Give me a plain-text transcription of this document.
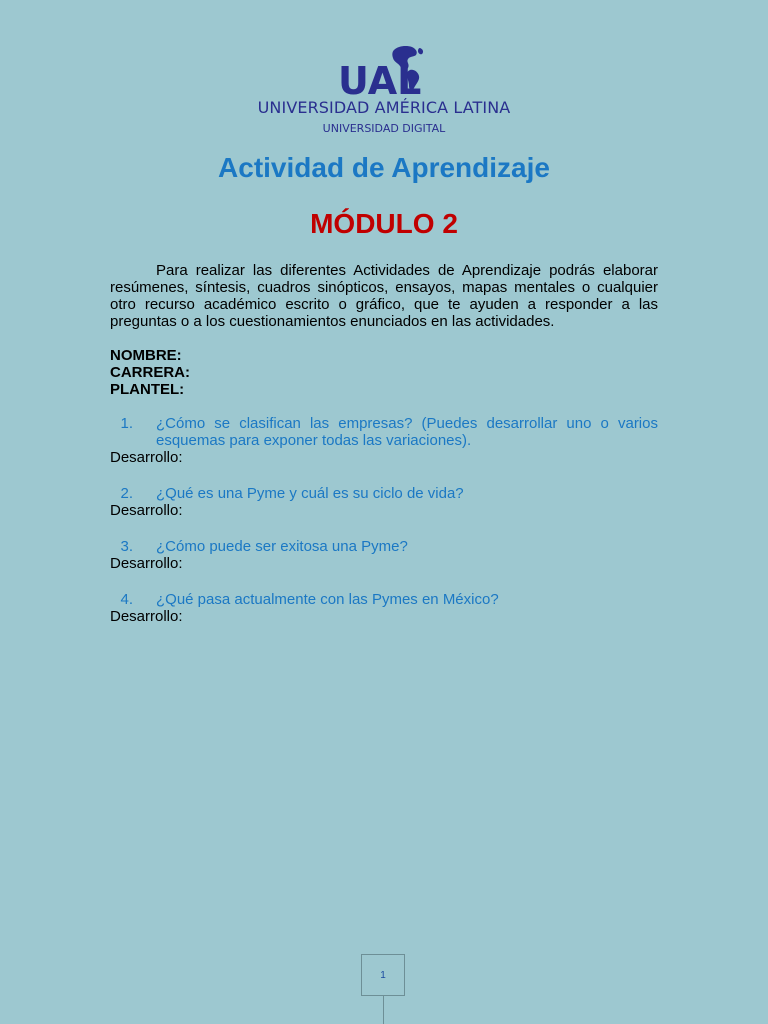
UAL
UNIVERSIDAD AMÉRICA LATINA
UNIVERSIDAD DIGITAL
Actividad de Aprendizaje
MÓDULO 2

Para realizar las diferentes Actividades de Aprendizaje podrás elaborar resúmenes, síntesis, cuadros sinópticos, ensayos, mapas mentales o cualquier otro recurso académico escrito o gráfico, que te ayuden a responder a las preguntas o a los cuestionamientos enunciados en las actividades.

NOMBRE:
CARRERA:
PLANTEL:
1. ¿Cómo se clasifican las empresas? (Puedes desarrollar uno o varios esquemas para exponer todas las variaciones).
Desarrollo:
2. ¿Qué es una Pyme y cuál es su ciclo de vida?
Desarrollo:
3. ¿Cómo puede ser exitosa una Pyme?
Desarrollo:
4. ¿Qué pasa actualmente con las Pymes en México?
Desarrollo:
1
